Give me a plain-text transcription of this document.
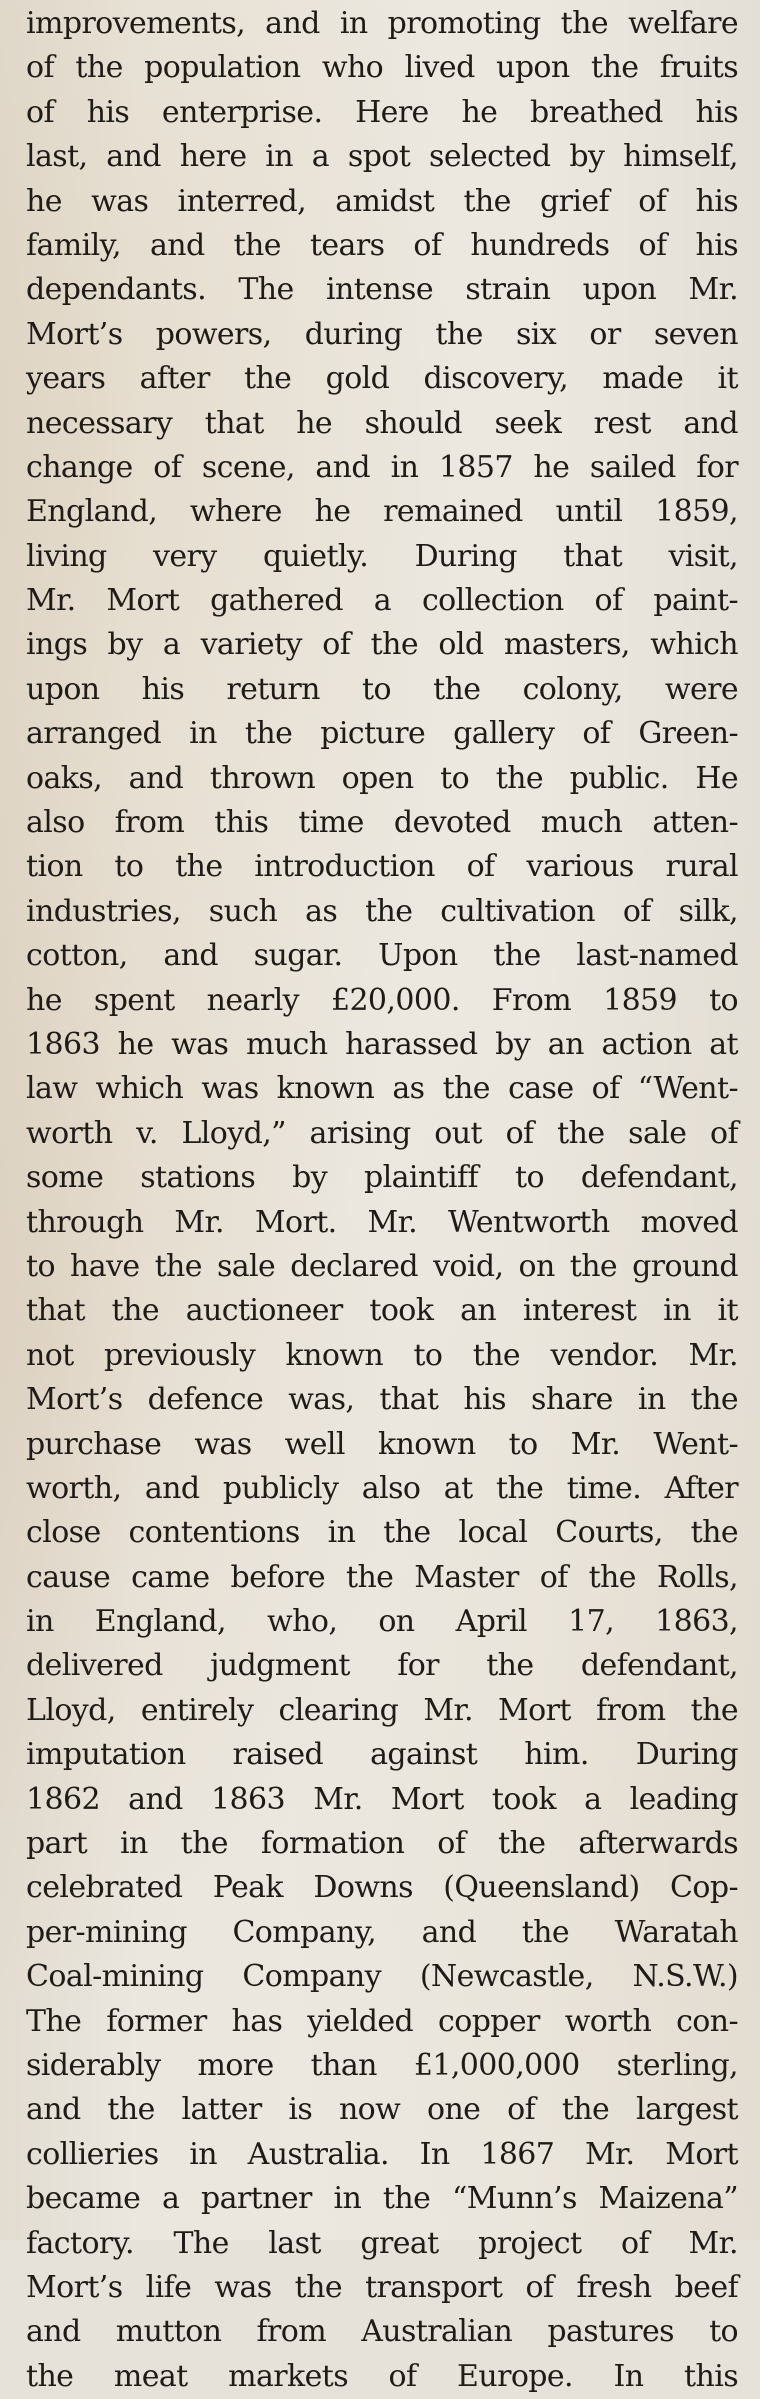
improvements, and in promoting the welfare
of the population who lived upon the fruits
of his enterprise. Here he breathed his
last, and here in a spot selected by himself,
he was interred, amidst the grief of his
family, and the tears of hundreds of his
dependants. The intense strain upon Mr.
Mort’s powers, during the six or seven
years after the gold discovery, made it
necessary that he should seek rest and
change of scene, and in 1857 he sailed for
England, where he remained until 1859,
living very quietly. During that visit,
Mr. Mort gathered a collection of paint-
ings by a variety of the old masters, which
upon his return to the colony, were
arranged in the picture gallery of Green-
oaks, and thrown open to the public. He
also from this time devoted much atten-
tion to the introduction of various rural
industries, such as the cultivation of silk,
cotton, and sugar. Upon the last-named
he spent nearly £20,000. From 1859 to
1863 he was much harassed by an action at
law which was known as the case of “Went-
worth v. Lloyd,” arising out of the sale of
some stations by plaintiff to defendant,
through Mr. Mort. Mr. Wentworth moved
to have the sale declared void, on the ground
that the auctioneer took an interest in it
not previously known to the vendor. Mr.
Mort’s defence was, that his share in the
purchase was well known to Mr. Went-
worth, and publicly also at the time. After
close contentions in the local Courts, the
cause came before the Master of the Rolls,
in England, who, on April 17, 1863,
delivered judgment for the defendant,
Lloyd, entirely clearing Mr. Mort from the
imputation raised against him. During
1862 and 1863 Mr. Mort took a leading
part in the formation of the afterwards
celebrated Peak Downs (Queensland) Cop-
per-mining Company, and the Waratah
Coal-mining Company (Newcastle, N.S.W.)
The former has yielded copper worth con-
siderably more than £1,000,000 sterling,
and the latter is now one of the largest
collieries in Australia. In 1867 Mr. Mort
became a partner in the “Munn’s Maizena”
factory. The last great project of Mr.
Mort’s life was the transport of fresh beef
and mutton from Australian pastures to
the meat markets of Europe. In this
